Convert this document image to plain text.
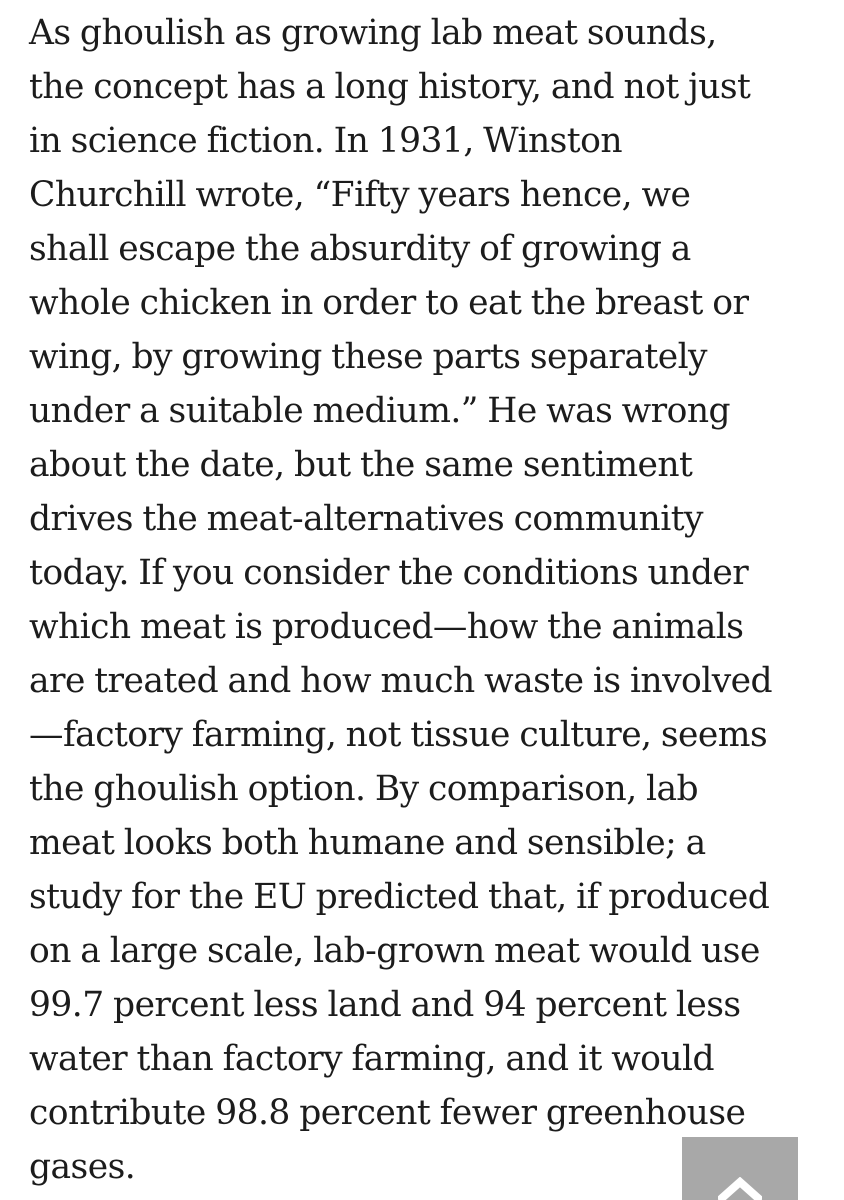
As ghoulish as growing lab meat sounds,
the concept has a long history, and not just
in science fiction. In 1931, Winston
Churchill wrote, “Fifty years hence, we
shall escape the absurdity of growing a
whole chicken in order to eat the breast or
wing, by growing these parts separately
under a suitable medium.” He was wrong
about the date, but the same sentiment
drives the meat-alternatives community
today. If you consider the conditions under
which meat is produced—how the animals
are treated and how much waste is involved
—factory farming, not tissue culture, seems
the ghoulish option. By comparison, lab
meat looks both humane and sensible; a
study for the EU predicted that, if produced
on a large scale, lab-grown meat would use
99.7 percent less land and 94 percent less
water than factory farming, and it would
contribute 98.8 percent fewer greenhouse
gases.
